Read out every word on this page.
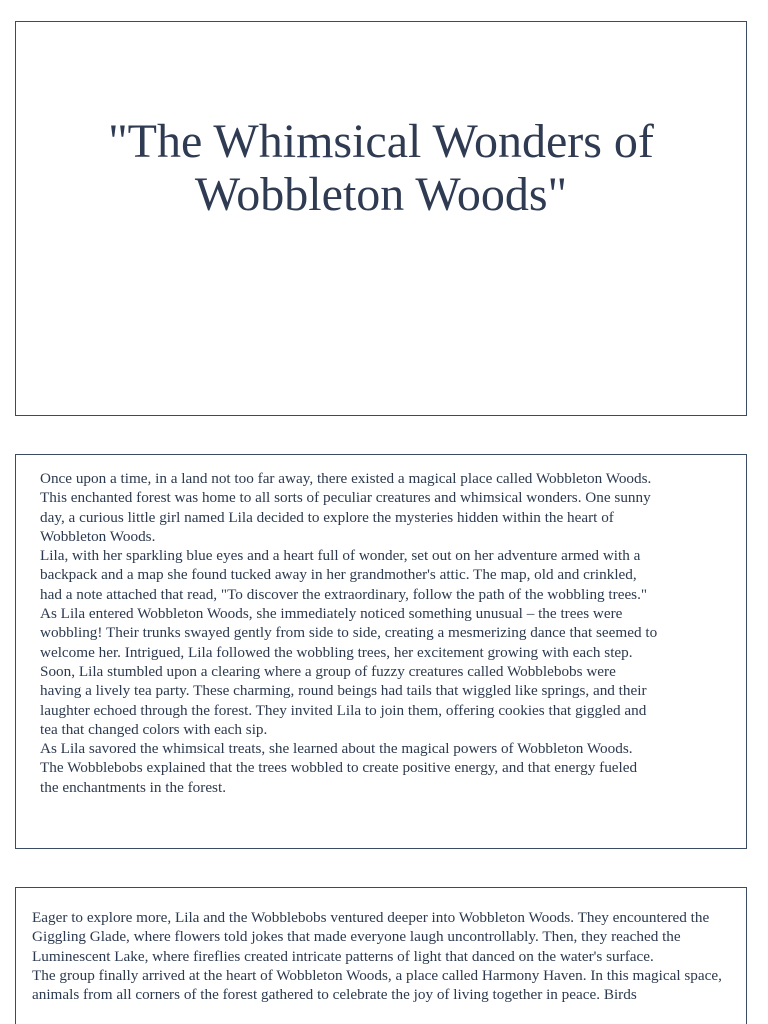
"The Whimsical Wonders of Wobbleton Woods"

Once upon a time, in a land not too far away, there existed a magical place called Wobbleton Woods. This enchanted forest was home to all sorts of peculiar creatures and whimsical wonders. One sunny day, a curious little girl named Lila decided to explore the mysteries hidden within the heart of Wobbleton Woods.

Lila, with her sparkling blue eyes and a heart full of wonder, set out on her adventure armed with a backpack and a map she found tucked away in her grandmother's attic. The map, old and crinkled, had a note attached that read, "To discover the extraordinary, follow the path of the wobbling trees."

As Lila entered Wobbleton Woods, she immediately noticed something unusual – the trees were wobbling! Their trunks swayed gently from side to side, creating a mesmerizing dance that seemed to welcome her. Intrigued, Lila followed the wobbling trees, her excitement growing with each step.

Soon, Lila stumbled upon a clearing where a group of fuzzy creatures called Wobblebobs were having a lively tea party. These charming, round beings had tails that wiggled like springs, and their laughter echoed through the forest. They invited Lila to join them, offering cookies that giggled and tea that changed colors with each sip.

As Lila savored the whimsical treats, she learned about the magical powers of Wobbleton Woods. The Wobblebobs explained that the trees wobbled to create positive energy, and that energy fueled the enchantments in the forest.

Eager to explore more, Lila and the Wobblebobs ventured deeper into Wobbleton Woods. They encountered the Giggling Glade, where flowers told jokes that made everyone laugh uncontrollably. Then, they reached the Luminescent Lake, where fireflies created intricate patterns of light that danced on the water's surface.

The group finally arrived at the heart of Wobbleton Woods, a place called Harmony Haven. In this magical space, animals from all corners of the forest gathered to celebrate the joy of living together in peace. Birds
